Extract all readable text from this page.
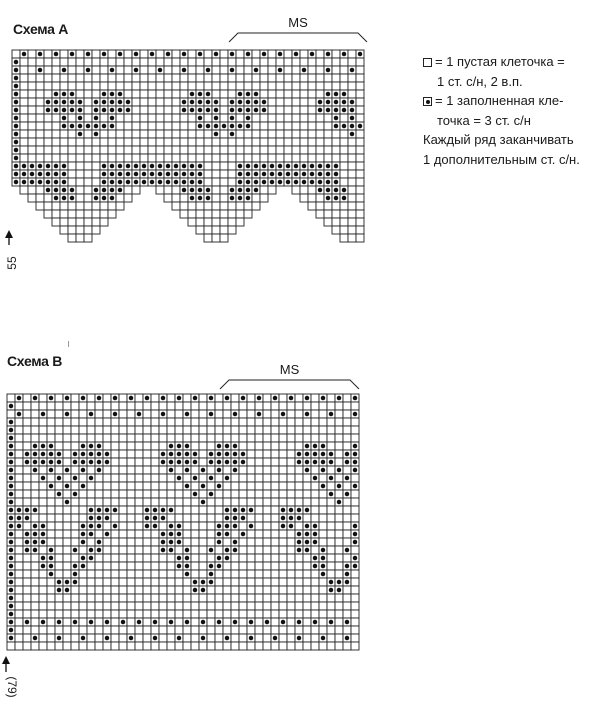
Схема A
Схема B
MS
MS
55
(79)
= 1 пустая клеточка =
1 ст. с/н, 2 в.п.
= 1 заполненная кле-
точка = 3 ст. с/н
Каждый ряд заканчивать
1 дополнительным ст. с/н.
